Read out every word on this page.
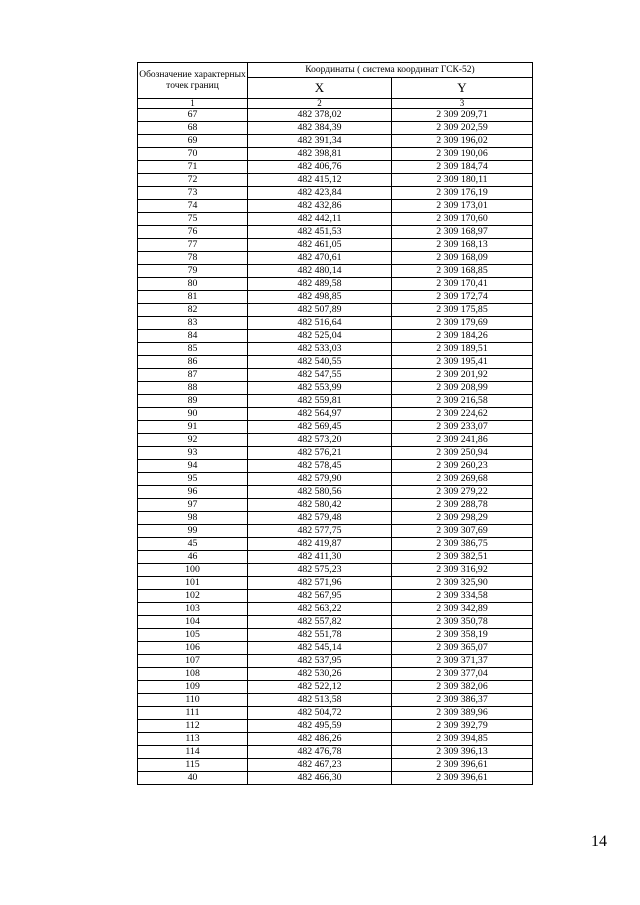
Обозначение характерных точек границ	Координаты ( система координат ГСК-52)	
	X	Y
1	2	3
67	482 378,02	2 309 209,71
68	482 384,39	2 309 202,59
69	482 391,34	2 309 196,02
70	482 398,81	2 309 190,06
71	482 406,76	2 309 184,74
72	482 415,12	2 309 180,11
73	482 423,84	2 309 176,19
74	482 432,86	2 309 173,01
75	482 442,11	2 309 170,60
76	482 451,53	2 309 168,97
77	482 461,05	2 309 168,13
78	482 470,61	2 309 168,09
79	482 480,14	2 309 168,85
80	482 489,58	2 309 170,41
81	482 498,85	2 309 172,74
82	482 507,89	2 309 175,85
83	482 516,64	2 309 179,69
84	482 525,04	2 309 184,26
85	482 533,03	2 309 189,51
86	482 540,55	2 309 195,41
87	482 547,55	2 309 201,92
88	482 553,99	2 309 208,99
89	482 559,81	2 309 216,58
90	482 564,97	2 309 224,62
91	482 569,45	2 309 233,07
92	482 573,20	2 309 241,86
93	482 576,21	2 309 250,94
94	482 578,45	2 309 260,23
95	482 579,90	2 309 269,68
96	482 580,56	2 309 279,22
97	482 580,42	2 309 288,78
98	482 579,48	2 309 298,29
99	482 577,75	2 309 307,69
45	482 419,87	2 309 386,75
46	482 411,30	2 309 382,51
100	482 575,23	2 309 316,92
101	482 571,96	2 309 325,90
102	482 567,95	2 309 334,58
103	482 563,22	2 309 342,89
104	482 557,82	2 309 350,78
105	482 551,78	2 309 358,19
106	482 545,14	2 309 365,07
107	482 537,95	2 309 371,37
108	482 530,26	2 309 377,04
109	482 522,12	2 309 382,06
110	482 513,58	2 309 386,37
111	482 504,72	2 309 389,96
112	482 495,59	2 309 392,79
113	482 486,26	2 309 394,85
114	482 476,78	2 309 396,13
115	482 467,23	2 309 396,61
40	482 466,30	2 309 396,61
14
